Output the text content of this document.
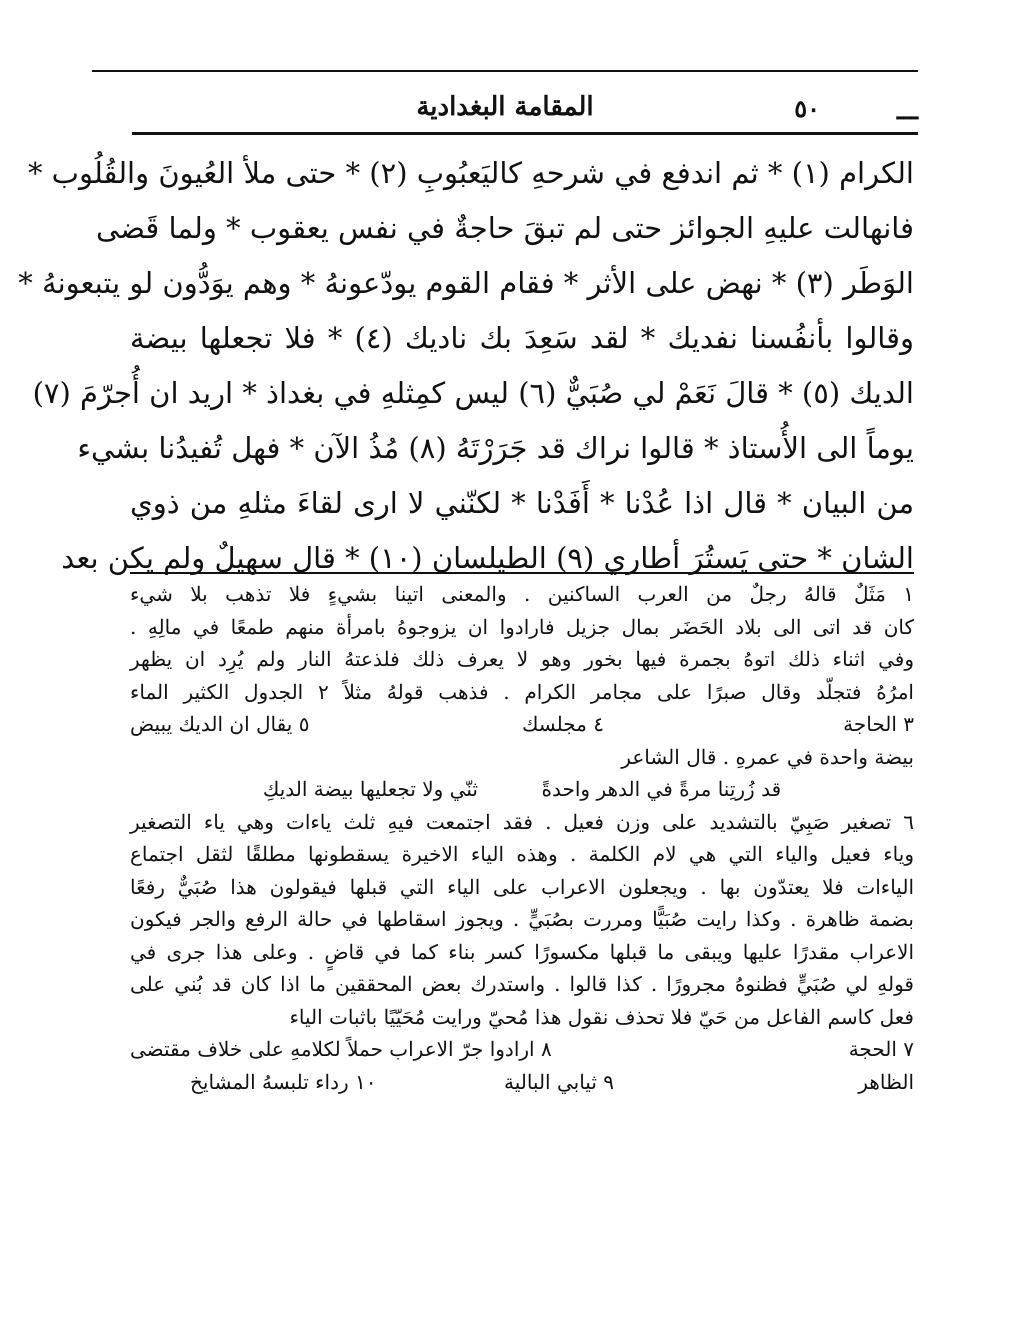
ـــ
٥٠
المقامة البغدادية

الكرام (١) * ثم اندفع في شرحهِ كاليَعبُوبِ (٢) * حتى ملأ العُيونَ والقُلُوب *

فانهالت عليهِ الجوائز حتى لم تبقَ حاجةٌ في نفس يعقوب * ولما قَضى

الوَطَر (٣) * نهض على الأثر * فقام القوم يودّعونهُ * وهم يوَدُّون لو يتبعونهُ *

وقالوا بأنفُسنا نفديك * لقد سَعِدَ بك ناديك (٤) * فلا تجعلها بيضة

الديك (٥) * قالَ نَعَمْ لي صُبَيٌّ (٦) ليس كمِثلهِ في بغداذ * اريد ان أُجرّمَ (٧)

يوماً الى الأُستاذ * قالوا نراك قد جَرَرْتَهُ (٨) مُذُ الآن * فهل تُفيدُنا بشيء

من البيان * قال اذا عُدْنا * أَفَدْنا * لكنّني لا ارى لقاءَ مثلهِ من ذوي

الشان * حتى يَستُرَ أطاري (٩) الطيلسان (١٠) * قال سهيلٌ ولم يكن بعد

١ مَثَلٌ قالهُ رجلٌ من العرب الساكنين . والمعنى اتينا بشيءٍ فلا تذهب بلا شيء

كان قد اتى الى بلاد الحَضَر بمال جزيل فارادوا ان يزوجوهُ بامرأة منهم طمعًا في مالِهِ .

وفي اثناء ذلك اتوهُ بجمرة فيها بخور وهو لا يعرف ذلك فلذعتهُ النار ولم يُرِد ان يظهر

امرُهُ فتجلّد وقال صبرًا على مجامر الكرام . فذهب قولهُ مثلاً ٢ الجدول الكثير الماء

٣ الحاجة
٤ مجلسك
٥ يقال ان الديك يبيض

بيضة واحدة في عمرهِ . قال الشاعر

قد زُرتِنا مرةً في الدهر واحدةً          ثنّي ولا تجعليها بيضة الديكِ

٦ تصغير صَبِيّ بالتشديد على وزن فعيل . فقد اجتمعت فيهِ ثلث ياءات وهي ياء التصغير

وياء فعيل والياء التي هي لام الكلمة . وهذه الياء الاخيرة يسقطونها مطلقًا لثقل اجتماع

الياءات فلا يعتدّون بها . ويجعلون الاعراب على الياء التي قبلها فيقولون هذا صُبَيٌّ رفعًا

بضمة ظاهرة . وكذا رايت صُبَيًّا ومررت بصُبَيٍّ . ويجوز اسقاطها في حالة الرفع والجر فيكون

الاعراب مقدرًا عليها ويبقى ما قبلها مكسورًا كسر بناء كما في قاضٍ . وعلى هذا جرى في

قولهِ لي صُبَيٍّ فظنوهُ مجرورًا . كذا قالوا . واستدرك بعض المحققين ما اذا كان قد بُني على

فعل كاسم الفاعل من حَيّ فلا تحذف نقول هذا مُحيّ ورايت مُحَيّيًا باثبات الياء

٧ الحجة
٨ ارادوا جرّ الاعراب حملاً لكلامهِ على خلاف مقتضى
الظاهر
٩ ثيابي البالية
١٠ رداء تلبسهُ المشايخ
